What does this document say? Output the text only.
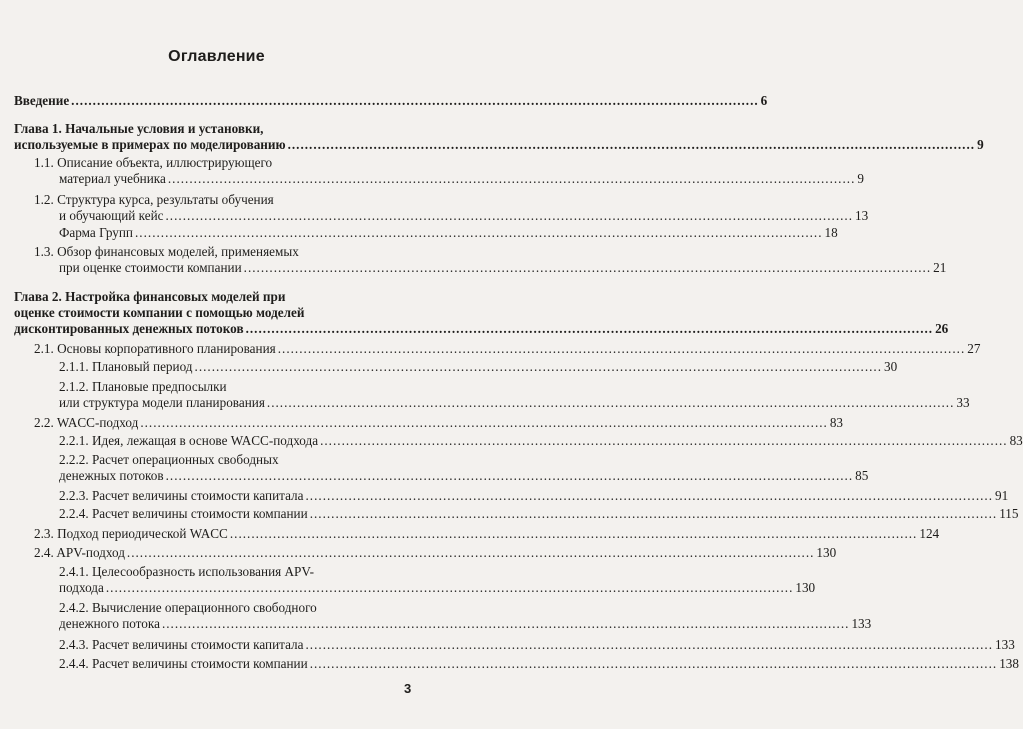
Оглавление
Введение .....	6
Глава 1. Начальные условия и установки,
используемые в примерах по моделированию .....	9
1.1. Описание объекта, иллюстрирующего
материал учебника .....	9
1.2. Структура курса, результаты обучения
и обучающий кейс .....	13
Фарма Групп .....	18
1.3. Обзор финансовых моделей, применяемых
при оценке стоимости компании .....	21
Глава 2. Настройка финансовых моделей при
оценке стоимости компании с помощью моделей
дисконтированных денежных потоков .....	26
2.1. Основы корпоративного планирования .....	27
2.1.1. Плановый период .....	30
2.1.2. Плановые предпосылки
или структура модели планирования .....	33
2.2. WACC-подход .....	83
2.2.1. Идея, лежащая в основе WACC-подхода .....	83
2.2.2. Расчет операционных свободных
денежных потоков .....	85
2.2.3. Расчет величины стоимости капитала .....	91
2.2.4. Расчет величины стоимости компании .....	115
2.3. Подход периодической WACC .....	124
2.4. APV-подход .....	130
2.4.1. Целесообразность использования APV-
подхода .....	130
2.4.2. Вычисление операционного свободного
денежного потока .....	133
2.4.3. Расчет величины стоимости капитала .....	133
2.4.4. Расчет величины стоимости компании .....	138
3
